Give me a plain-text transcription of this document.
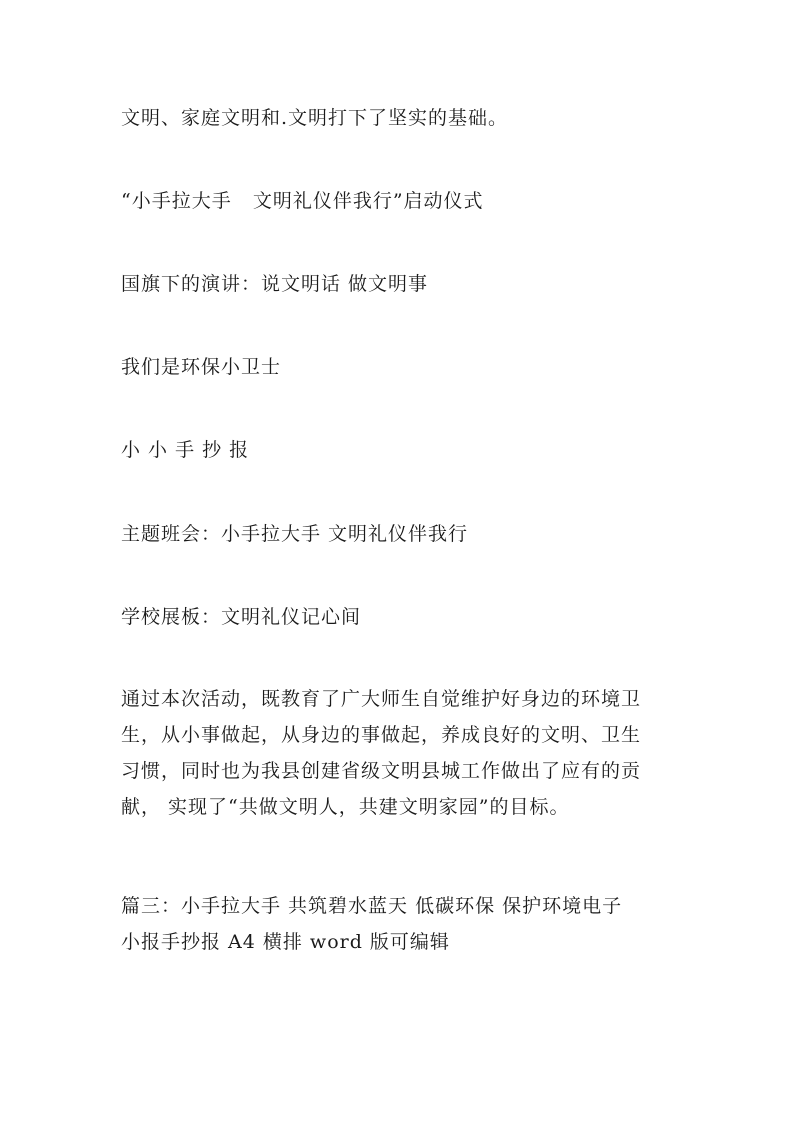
文明、家庭文明和.文明打下了坚实的基础。
“小手拉大手   文明礼仪伴我行”启动仪式
国旗下的演讲：说文明话 做文明事
我们是环保小卫士
小 小 手 抄 报
主题班会：小手拉大手 文明礼仪伴我行
学校展板：文明礼仪记心间
通过本次活动，既教育了广大师生自觉维护好身边的环境卫
生，从小事做起，从身边的事做起，养成良好的文明、卫生
习惯，同时也为我县创建省级文明县城工作做出了应有的贡
献， 实现了“共做文明人，共建文明家园”的目标。
篇三：小手拉大手 共筑碧水蓝天 低碳环保 保护环境电子
小报手抄报 A4 横排 word 版可编辑
